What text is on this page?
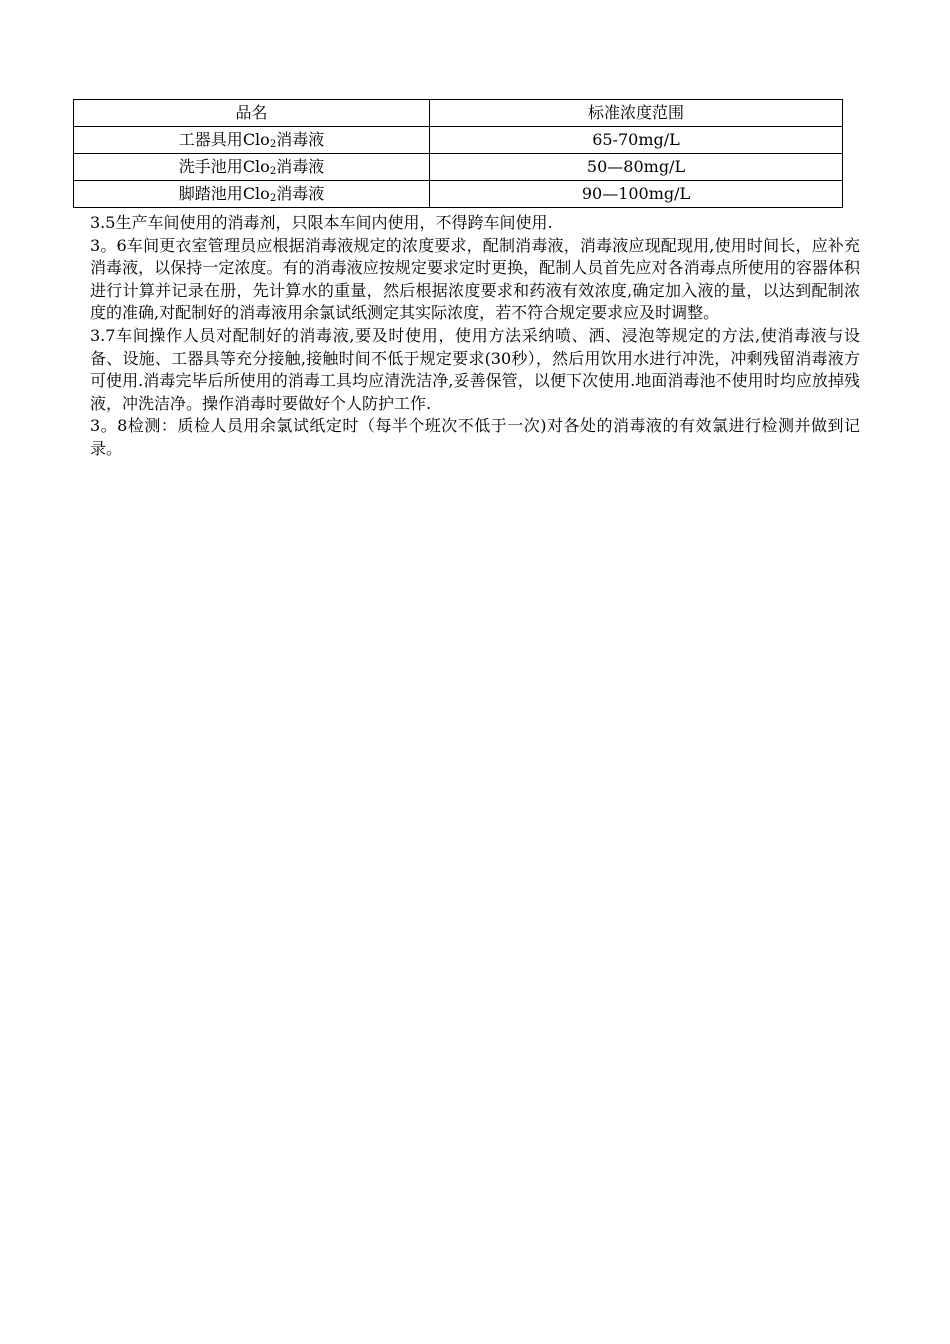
品名	标准浓度范围
工器具用Clo$_2$消毒液	65-70mg/L
洗手池用Clo$_2$消毒液	50—80mg/L
脚踏池用Clo$_2$消毒液	90—100mg/L

3.5生产车间使用的消毒剂，只限本车间内使用，不得跨车间使用.

3。6车间更衣室管理员应根据消毒液规定的浓度要求，配制消毒液，消毒液应现配现用,使用时间长，应补充消毒液，以保持一定浓度。有的消毒液应按规定要求定时更换，配制人员首先应对各消毒点所使用的容器体积进行计算并记录在册，先计算水的重量，然后根据浓度要求和药液有效浓度,确定加入液的量，以达到配制浓度的准确,对配制好的消毒液用余氯试纸测定其实际浓度，若不符合规定要求应及时调整。

3.7车间操作人员对配制好的消毒液,要及时使用，使用方法采纳喷、洒、浸泡等规定的方法,使消毒液与设备、设施、工器具等充分接触,接触时间不低于规定要求(30秒），然后用饮用水进行冲洗，冲剩残留消毒液方可使用.消毒完毕后所使用的消毒工具均应清洗洁净,妥善保管，以便下次使用.地面消毒池不使用时均应放掉残液，冲洗洁净。操作消毒时要做好个人防护工作.

3。8检测：质检人员用余氯试纸定时（每半个班次不低于一次)对各处的消毒液的有效氯进行检测并做到记录。
